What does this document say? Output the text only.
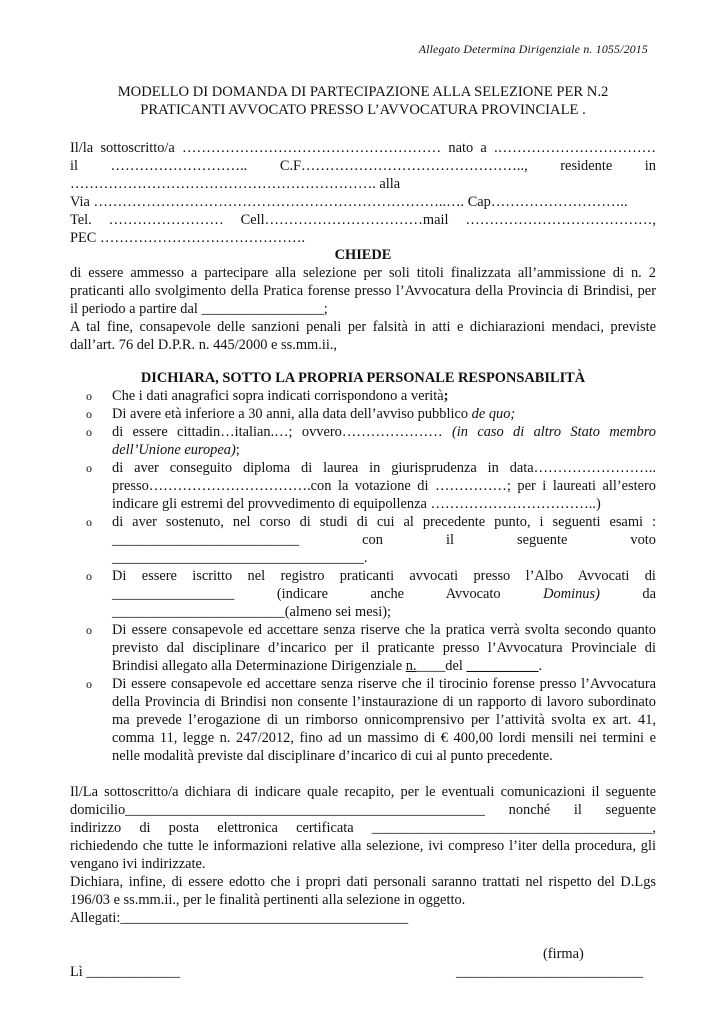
Allegato Determina Dirigenziale n. 1055/2015
MODELLO DI DOMANDA DI PARTECIPAZIONE ALLA SELEZIONE PER N.2
PRATICANTI AVVOCATO PRESSO L’AVVOCATURA PROVINCIALE .
Il/la sottoscritto/a ……………………………………………… nato a .……………………………
il ……………………….. C.F……………………………………….., residente in
………………………………………………………. alla
Via ………………………………………………………………..…. Cap………………………..
Tel. …………………… Cell……………………………mail …………………………………,
PEC …………………………………….
CHIEDE
di essere ammesso a partecipare alla selezione per soli titoli finalizzata all’ammissione di n. 2
praticanti allo svolgimento della Pratica forense presso l’Avvocatura della Provincia di Brindisi, per
il periodo a partire dal _________________;
A tal fine, consapevole delle sanzioni penali per falsità in atti e dichiarazioni mendaci, previste
dall’art. 76 del D.P.R. n. 445/2000 e ss.mm.ii.,
DICHIARA, SOTTO LA PROPRIA PERSONALE RESPONSABILITÀ
o Che i dati anagrafici sopra indicati corrispondono a verità;
o Di avere età inferiore a 30 anni, alla data dell’avviso pubblico de quo;
o di essere cittadin…italian.…; ovvero………………… (in caso di altro Stato membro
dell’Unione europea);
o di aver conseguito diploma di laurea in giurisprudenza in data……………………..
presso…………………………….con la votazione di ……………; per i laureati all’estero
indicare gli estremi del provvedimento di equipollenza ……………………………..)
o di aver sostenuto, nel corso di studi di cui al precedente punto, i seguenti esami :
__________________________	con	il	seguente	voto
___________________________________.
o Di essere iscritto nel registro praticanti avvocati presso l’Albo Avvocati di
_________________	(indicare	anche	Avvocato	Dominus)	da
________________________(almeno sei mesi);
o Di essere consapevole ed accettare senza riserve che la pratica verrà svolta secondo quanto
previsto dal disciplinare d’incarico per il praticante presso l’Avvocatura Provinciale di
Brindisi allegato alla Determinazione Dirigenziale n.____del __________.
o Di essere consapevole ed accettare senza riserve che il tirocinio forense presso l’Avvocatura
della Provincia di Brindisi non consente l’instaurazione di un rapporto di lavoro subordinato
ma prevede l’erogazione di un rimborso onnicomprensivo per l’attività svolta ex art. 41,
comma 11, legge n. 247/2012, fino ad un massimo di € 400,00 lordi mensili nei termini e
nelle modalità previste dal disciplinare d’incarico di cui al punto precedente.
Il/La sottoscritto/a dichiara di indicare quale recapito, per le eventuali comunicazioni il seguente
domicilio__________________________________________________ nonché il seguente
indirizzo di posta elettronica certificata _______________________________________,
richiedendo che tutte le informazioni relative alla selezione, ivi compreso l’iter della procedura, gli
vengano ivi indirizzate.
Dichiara, infine, di essere edotto che i propri dati personali saranno trattati nel rispetto del D.Lgs
196/03 e ss.mm.ii., per le finalità pertinenti alla selezione in oggetto.
Allegati:________________________________________
(firma)
Lì _____________	__________________________
